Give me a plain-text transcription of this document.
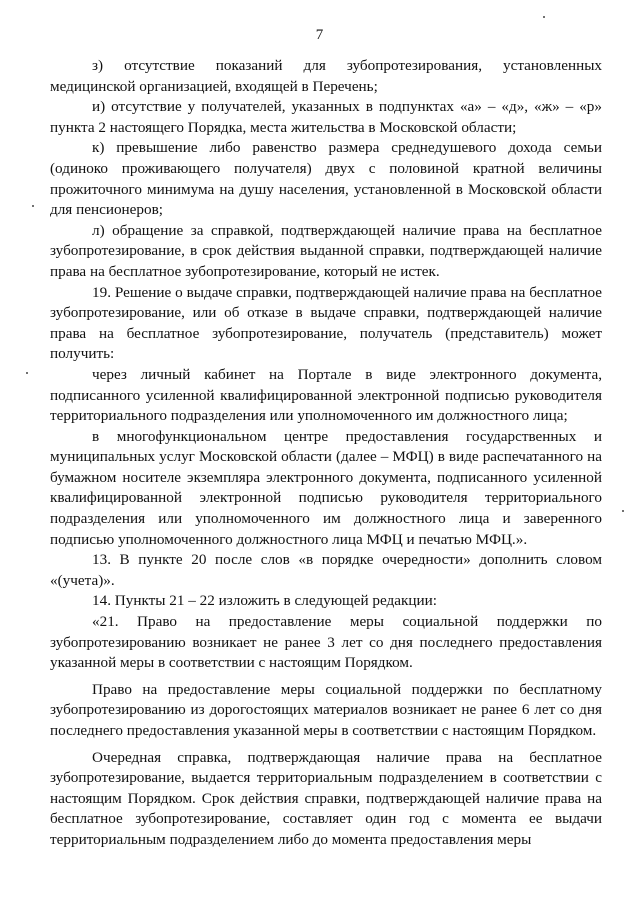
7

з) отсутствие показаний для зубопротезирования, установленных медицинской организацией, входящей в Перечень;

и) отсутствие у получателей, указанных в подпунктах «а» – «д», «ж» – «р» пункта 2 настоящего Порядка, места жительства в Московской области;

к) превышение либо равенство размера среднедушевого дохода семьи (одиноко проживающего получателя) двух с половиной кратной величины прожиточного минимума на душу населения, установленной в Московской области для пенсионеров;

л) обращение за справкой, подтверждающей наличие права на бесплатное зубопротезирование, в срок действия выданной справки, подтверждающей наличие права на бесплатное зубопротезирование, который не истек.

19. Решение о выдаче справки, подтверждающей наличие права на бесплатное зубопротезирование, или об отказе в выдаче справки, подтверждающей наличие права на бесплатное зубопротезирование, получатель (представитель) может получить:

через личный кабинет на Портале в виде электронного документа, подписанного усиленной квалифицированной электронной подписью руководителя территориального подразделения или уполномоченного им должностного лица;

в многофункциональном центре предоставления государственных и муниципальных услуг Московской области (далее – МФЦ) в виде распечатанного на бумажном носителе экземпляра электронного документа, подписанного усиленной квалифицированной электронной подписью руководителя территориального подразделения или уполномоченного им должностного лица и заверенного подписью уполномоченного должностного лица МФЦ и печатью МФЦ.».

13. В пункте 20 после слов «в порядке очередности» дополнить словом «(учета)».

14. Пункты 21 – 22 изложить в следующей редакции:

«21. Право на предоставление меры социальной поддержки по зубопротезированию возникает не ранее 3 лет со дня последнего предоставления указанной меры в соответствии с настоящим Порядком.

Право на предоставление меры социальной поддержки по бесплатному зубопротезированию из дорогостоящих материалов возникает не ранее 6 лет со дня последнего предоставления указанной меры в соответствии с настоящим Порядком.

Очередная справка, подтверждающая наличие права на бесплатное зубопротезирование, выдается территориальным подразделением в соответствии с настоящим Порядком. Срок действия справки, подтверждающей наличие права на бесплатное зубопротезирование, составляет один год с момента ее выдачи территориальным подразделением либо до момента предоставления меры
